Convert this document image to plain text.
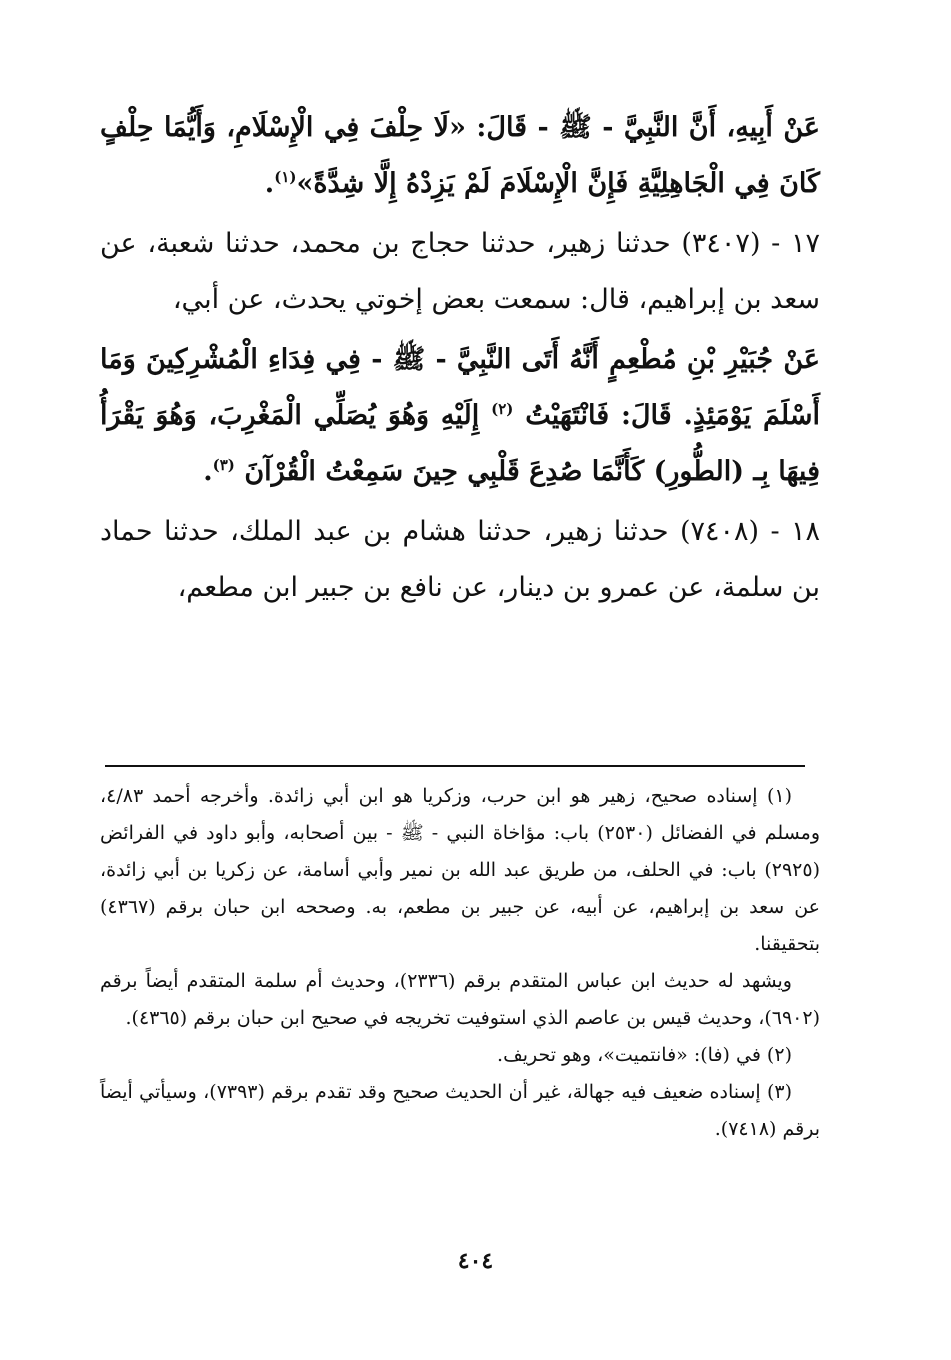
عَنْ أَبِيهِ، أَنَّ النَّبِيَّ - ﷺ - قَالَ: «لَا حِلْفَ فِي الْإِسْلَامِ، وَأَيُّمَا حِلْفٍ كَانَ فِي الْجَاهِلِيَّةِ فَإِنَّ الْإِسْلَامَ لَمْ يَزِدْهُ إِلَّا شِدَّةً»$^{(١)}$.

١٧ - (٣٤٠٧) حدثنا زهير، حدثنا حجاج بن محمد، حدثنا شعبة، عن سعد بن إبراهيم، قال: سمعت بعض إخوتي يحدث، عن أبي،

عَنْ جُبَيْرِ بْنِ مُطْعِمٍ أَنَّهُ أَتَى النَّبِيَّ - ﷺ - فِي فِدَاءِ الْمُشْرِكِينَ وَمَا أَسْلَمَ يَوْمَئِذٍ. قَالَ: فَانْتَهَيْتُ $^{(٢)}$ إِلَيْهِ وَهُوَ يُصَلِّي الْمَغْرِبَ، وَهُوَ يَقْرَأُ فِيهَا بِـ (الطُّورِ) كَأَنَّمَا صُدِعَ قَلْبِي حِينَ سَمِعْتُ الْقُرْآنَ $^{(٣)}$.

١٨ - (٧٤٠٨) حدثنا زهير، حدثنا هشام بن عبد الملك، حدثنا حماد بن سلمة، عن عمرو بن دينار، عن نافع بن جبير ابن مطعم،

(١) إسناده صحيح، زهير هو ابن حرب، وزكريا هو ابن أبي زائدة. وأخرجه أحمد ٤/٨٣، ومسلم في الفضائل (٢٥٣٠) باب: مؤاخاة النبي - ﷺ - بين أصحابه، وأبو داود في الفرائض (٢٩٢٥) باب: في الحلف، من طريق عبد الله بن نمير وأبي أسامة، عن زكريا بن أبي زائدة، عن سعد بن إبراهيم، عن أبيه، عن جبير بن مطعم، به. وصححه ابن حبان برقم (٤٣٦٧) بتحقيقنا.

ويشهد له حديث ابن عباس المتقدم برقم (٢٣٣٦)، وحديث أم سلمة المتقدم أيضاً برقم (٦٩٠٢)، وحديث قيس بن عاصم الذي استوفيت تخريجه في صحيح ابن حبان برقم (٤٣٦٥).

(٢) في (فا): «فانتميت»، وهو تحريف.

(٣) إسناده ضعيف فيه جهالة، غير أن الحديث صحيح وقد تقدم برقم (٧٣٩٣)، وسيأتي أيضاً برقم (٧٤١٨).

٤٠٤
